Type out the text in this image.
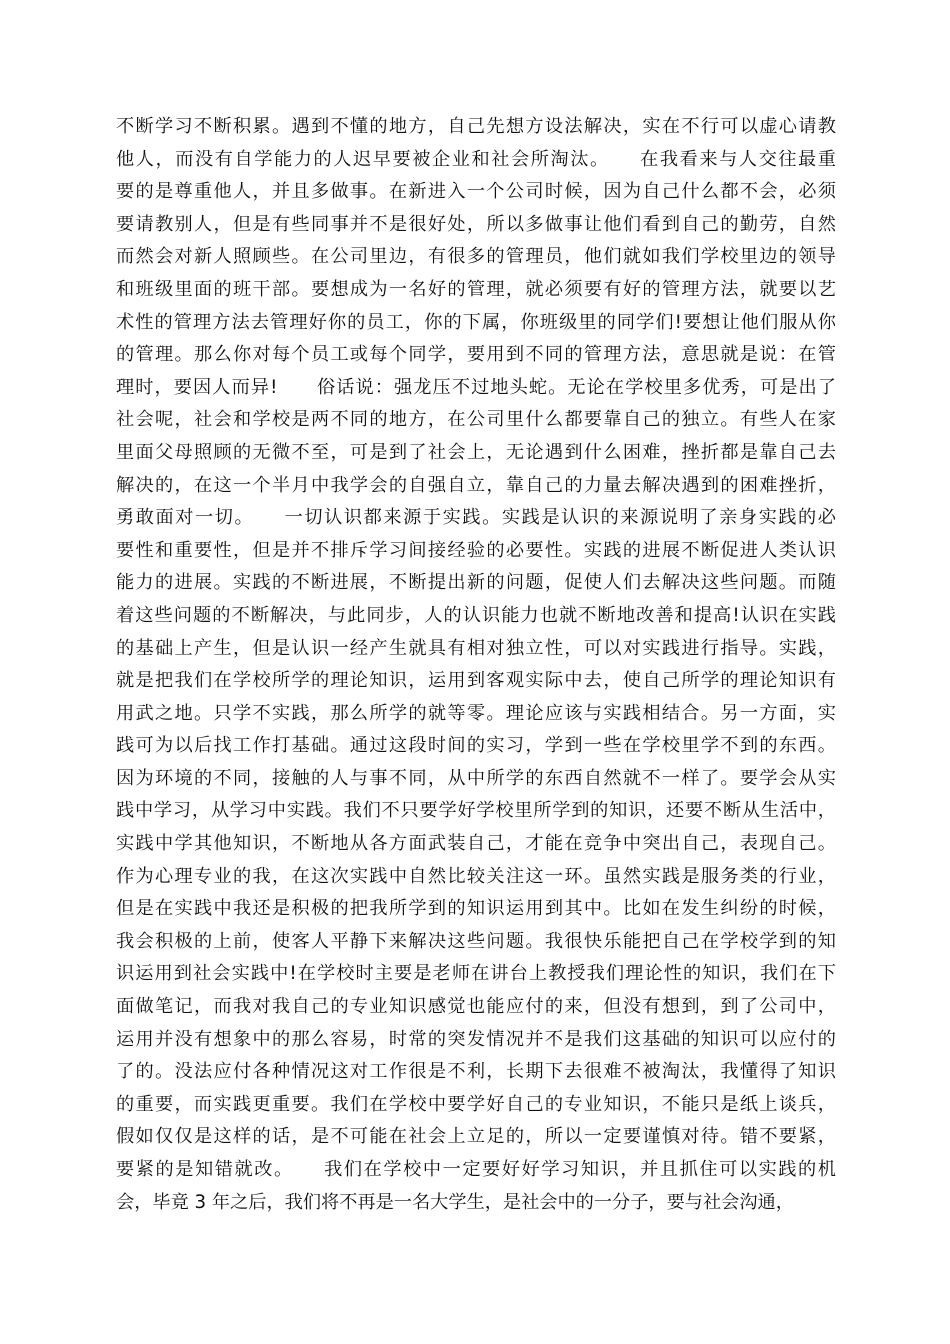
不断学习不断积累。遇到不懂的地方，自己先想方设法解决，实在不行可以虚心请教
他人，而没有自学能力的人迟早要被企业和社会所淘汰。　　在我看来与人交往最重
要的是尊重他人，并且多做事。在新进入一个公司时候，因为自己什么都不会，必须
要请教别人，但是有些同事并不是很好处，所以多做事让他们看到自己的勤劳，自然
而然会对新人照顾些。在公司里边，有很多的管理员，他们就如我们学校里边的领导
和班级里面的班干部。要想成为一名好的管理，就必须要有好的管理方法，就要以艺
术性的管理方法去管理好你的员工，你的下属，你班级里的同学们!要想让他们服从你
的管理。那么你对每个员工或每个同学，要用到不同的管理方法，意思就是说：在管
理时，要因人而异!　　俗话说：强龙压不过地头蛇。无论在学校里多优秀，可是出了
社会呢，社会和学校是两不同的地方，在公司里什么都要靠自己的独立。有些人在家
里面父母照顾的无微不至，可是到了社会上，无论遇到什么困难，挫折都是靠自己去
解决的，在这一个半月中我学会的自强自立，靠自己的力量去解决遇到的困难挫折，
勇敢面对一切。　　一切认识都来源于实践。实践是认识的来源说明了亲身实践的必
要性和重要性，但是并不排斥学习间接经验的必要性。实践的进展不断促进人类认识
能力的进展。实践的不断进展，不断提出新的问题，促使人们去解决这些问题。而随
着这些问题的不断解决，与此同步，人的认识能力也就不断地改善和提高!认识在实践
的基础上产生，但是认识一经产生就具有相对独立性，可以对实践进行指导。实践，
就是把我们在学校所学的理论知识，运用到客观实际中去，使自己所学的理论知识有
用武之地。只学不实践，那么所学的就等零。理论应该与实践相结合。另一方面，实
践可为以后找工作打基础。通过这段时间的实习，学到一些在学校里学不到的东西。
因为环境的不同，接触的人与事不同，从中所学的东西自然就不一样了。要学会从实
践中学习，从学习中实践。我们不只要学好学校里所学到的知识，还要不断从生活中，
实践中学其他知识，不断地从各方面武装自己，才能在竞争中突出自己，表现自己。
作为心理专业的我，在这次实践中自然比较关注这一环。虽然实践是服务类的行业，
但是在实践中我还是积极的把我所学到的知识运用到其中。比如在发生纠纷的时候，
我会积极的上前，使客人平静下来解决这些问题。我很快乐能把自己在学校学到的知
识运用到社会实践中!在学校时主要是老师在讲台上教授我们理论性的知识，我们在下
面做笔记，而我对我自己的专业知识感觉也能应付的来，但没有想到，到了公司中，
运用并没有想象中的那么容易，时常的突发情况并不是我们这基础的知识可以应付的
了的。没法应付各种情况这对工作很是不利，长期下去很难不被淘汰，我懂得了知识
的重要，而实践更重要。我们在学校中要学好自己的专业知识，不能只是纸上谈兵，
假如仅仅是这样的话，是不可能在社会上立足的，所以一定要谨慎对待。错不要紧，
要紧的是知错就改。　　我们在学校中一定要好好学习知识，并且抓住可以实践的机
会，毕竟 3 年之后，我们将不再是一名大学生，是社会中的一分子，要与社会沟通，
